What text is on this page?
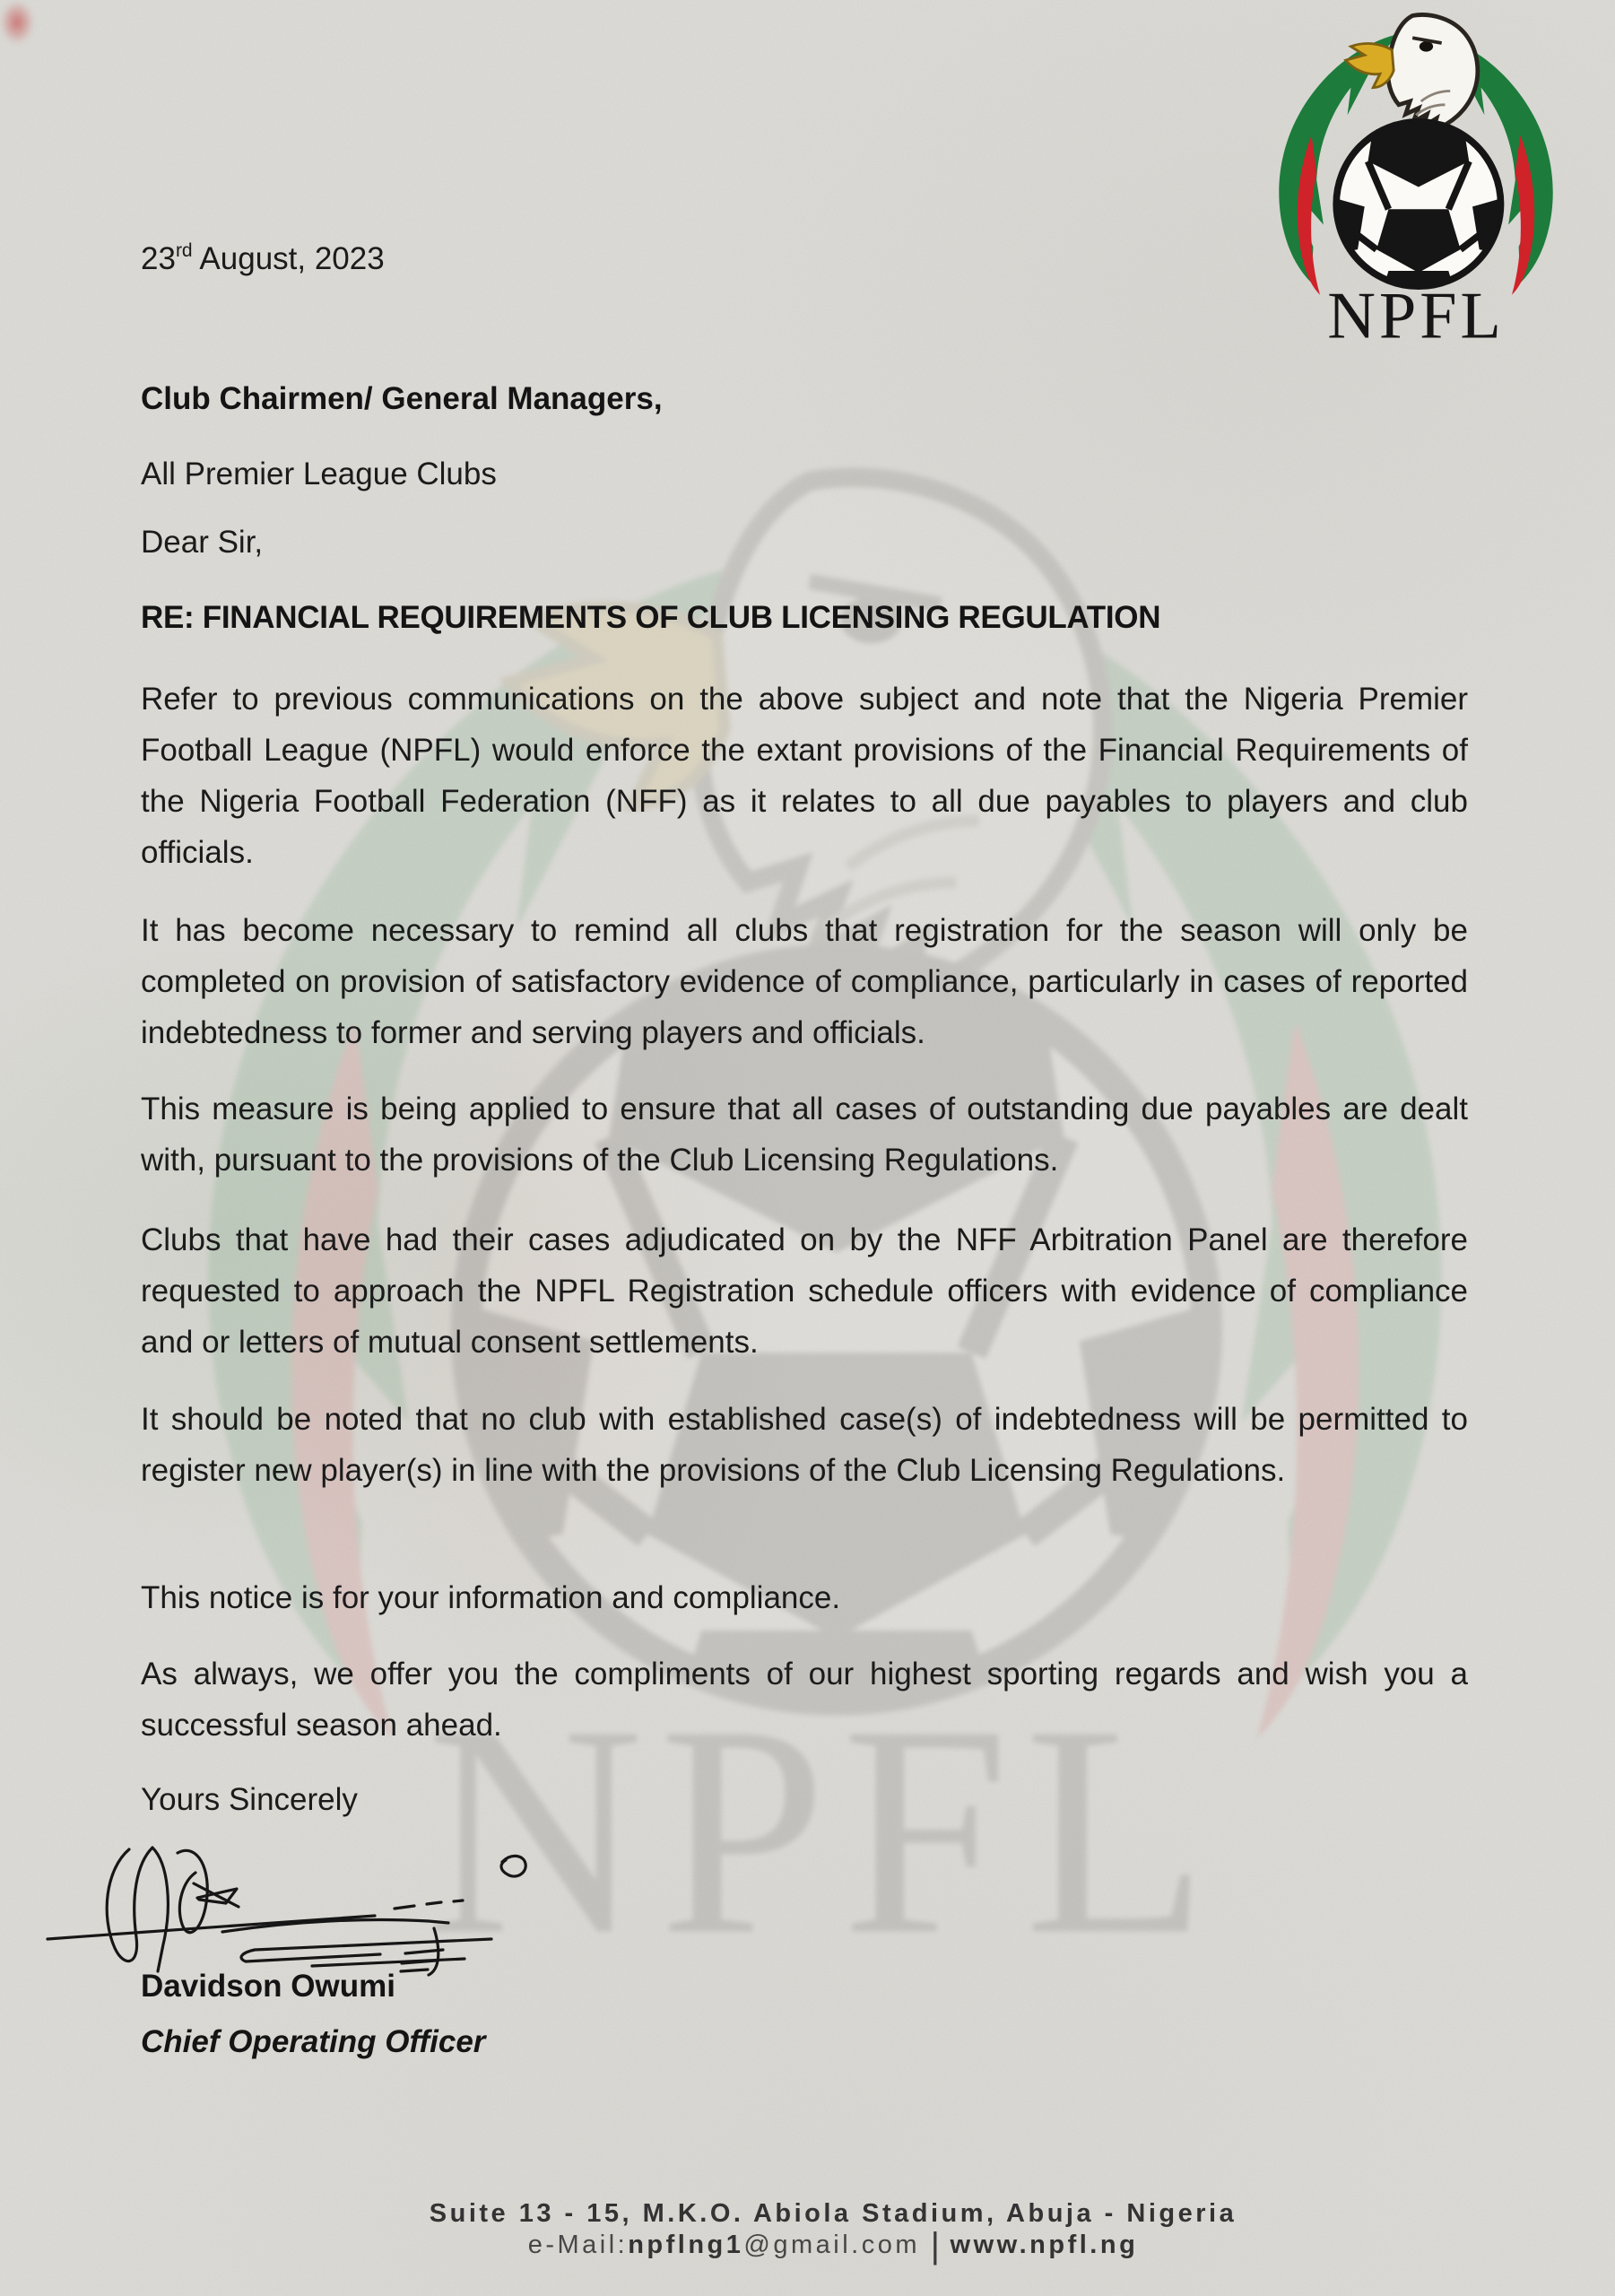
23rd August, 2023
Club Chairmen/ General Managers,
All Premier League Clubs
Dear Sir,
RE: FINANCIAL REQUIREMENTS OF CLUB LICENSING REGULATION

Refer to previous communications on the above subject and note that the Nigeria Premier Football League (NPFL) would enforce the extant provisions of the Financial Requirements of the Nigeria Football Federation (NFF) as it relates to all due payables to players and club officials.

It has become necessary to remind all clubs that registration for the season will only be completed on provision of satisfactory evidence of compliance, particularly in cases of reported indebtedness to former and serving players and officials.

This measure is being applied to ensure that all cases of outstanding due payables are dealt with, pursuant to the provisions of the Club Licensing Regulations.

Clubs that have had their cases adjudicated on by the NFF Arbitration Panel are therefore requested to approach the NPFL Registration schedule officers with evidence of compliance and or letters of mutual consent settlements.

It should be noted that no club with established case(s) of indebtedness will be permitted to register new player(s) in line with the provisions of the Club Licensing Regulations.

This notice is for your information and compliance.

As always, we offer you the compliments of our highest sporting regards and wish you a successful season ahead.

Yours Sincerely
Davidson Owumi
Chief Operating Officer
Suite 13 - 15, M.K.O. Abiola Stadium, Abuja - Nigeria
e-Mail:npflng1@gmail.com | www.npfl.ng
